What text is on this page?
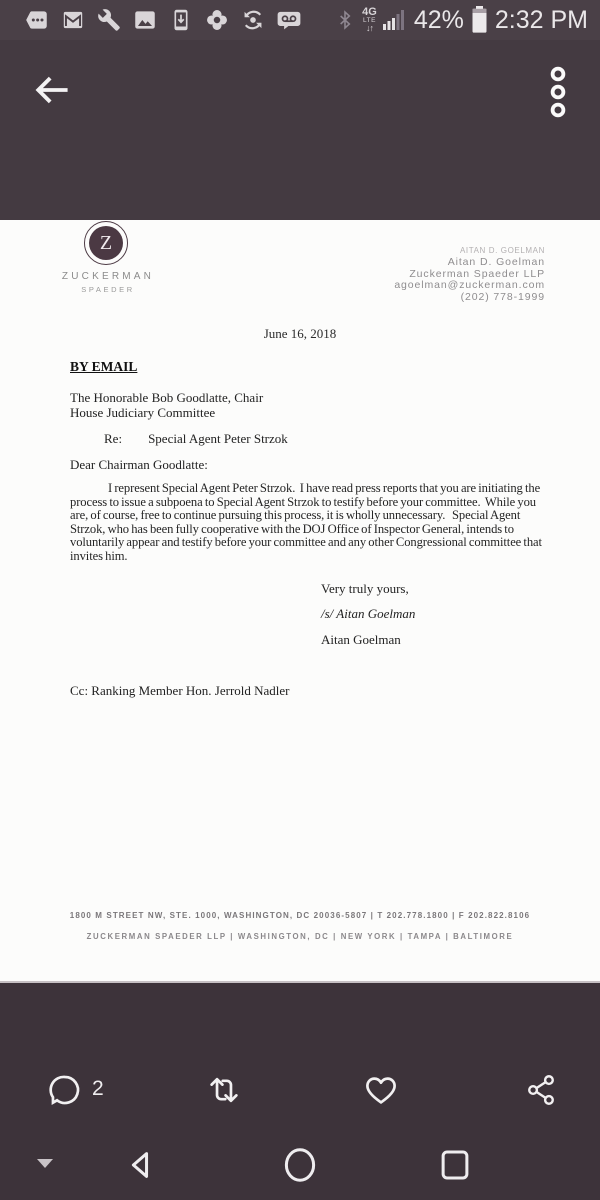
4G
LTE
↓↑ 42% 2:32 PM
Z
ZUCKERMAN
SPAEDER
AITAN D. GOELMAN
Aitan D. Goelman
Zuckerman Spaeder LLP
agoelman@zuckerman.com
(202) 778-1999
June 16, 2018
BY EMAIL
The Honorable Bob Goodlatte, Chair
House Judiciary Committee
Re: Special Agent Peter Strzok
Dear Chairman Goodlatte:
I represent Special Agent Peter Strzok.  I have read press reports that you are initiating the
process to issue a subpoena to Special Agent Strzok to testify before your committee.  While you
are, of course, free to continue pursuing this process, it is wholly unnecessary.   Special Agent
Strzok, who has been fully cooperative with the DOJ Office of Inspector General, intends to
voluntarily appear and testify before your committee and any other Congressional committee that
invites him.
Very truly yours,
/s/ Aitan Goelman
Aitan Goelman
Cc: Ranking Member Hon. Jerrold Nadler
1800 M STREET NW, STE. 1000, WASHINGTON, DC 20036-5807 | T 202.778.1800 | F 202.822.8106
ZUCKERMAN SPAEDER LLP | WASHINGTON, DC | NEW YORK | TAMPA | BALTIMORE
2
